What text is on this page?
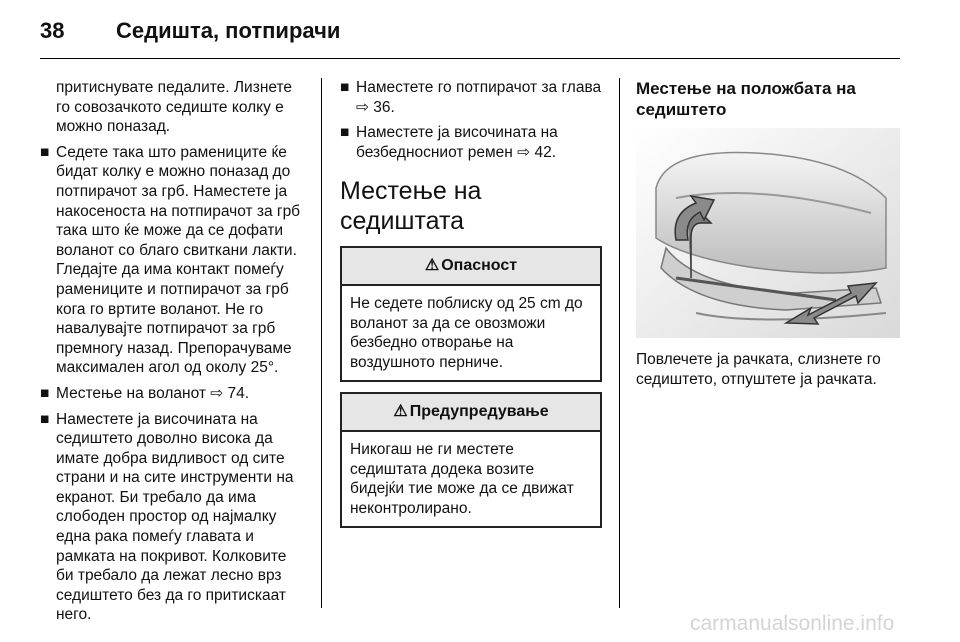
38 Седишта, потпирачи

притиснувате педалите. Лизнете го совозачкото седиште колку е можно поназад.

■ Седете така што рамениците ќе бидат колку е можно поназад до потпирачот за грб. Наместете ја накосеноста на потпирачот за грб така што ќе може да се дофати воланот со благо свиткани лакти. Гледајте да има контакт помеѓу рамениците и потпирачот за грб кога го вртите воланот. Не го навалувајте потпирачот за грб премногу назад. Препорачуваме максимален агол од околу 25°.
■ Местење на воланот ⇨ 74.
■ Наместете ја височината на седиштето доволно висока да имате добра видливост од сите страни и на сите инструменти на екранот. Би требало да има слободен простор од најмалку една рака помеѓу главата и рамката на покривот. Колковите би требало да лежат лесно врз седиштето без да го притискаат него.
■ Наместете го потпирачот за глава ⇨ 36.
■ Наместете ја височината на безбедносниот ремен ⇨ 42.
Местење на седиштата
⚠ Опасност
Не седете поблиску од 25 cm до воланот за да се овозможи безбедно отворање на воздушното перниче.
⚠ Предупредување
Никогаш не ги местете седиштата додека возите бидејќи тие може да се движат неконтролирано.
Местење на положбата на седиштето

Повлечете ја рачката, слизнете го седиштето, отпуштете ја рачката.

carmanualsonline.info
